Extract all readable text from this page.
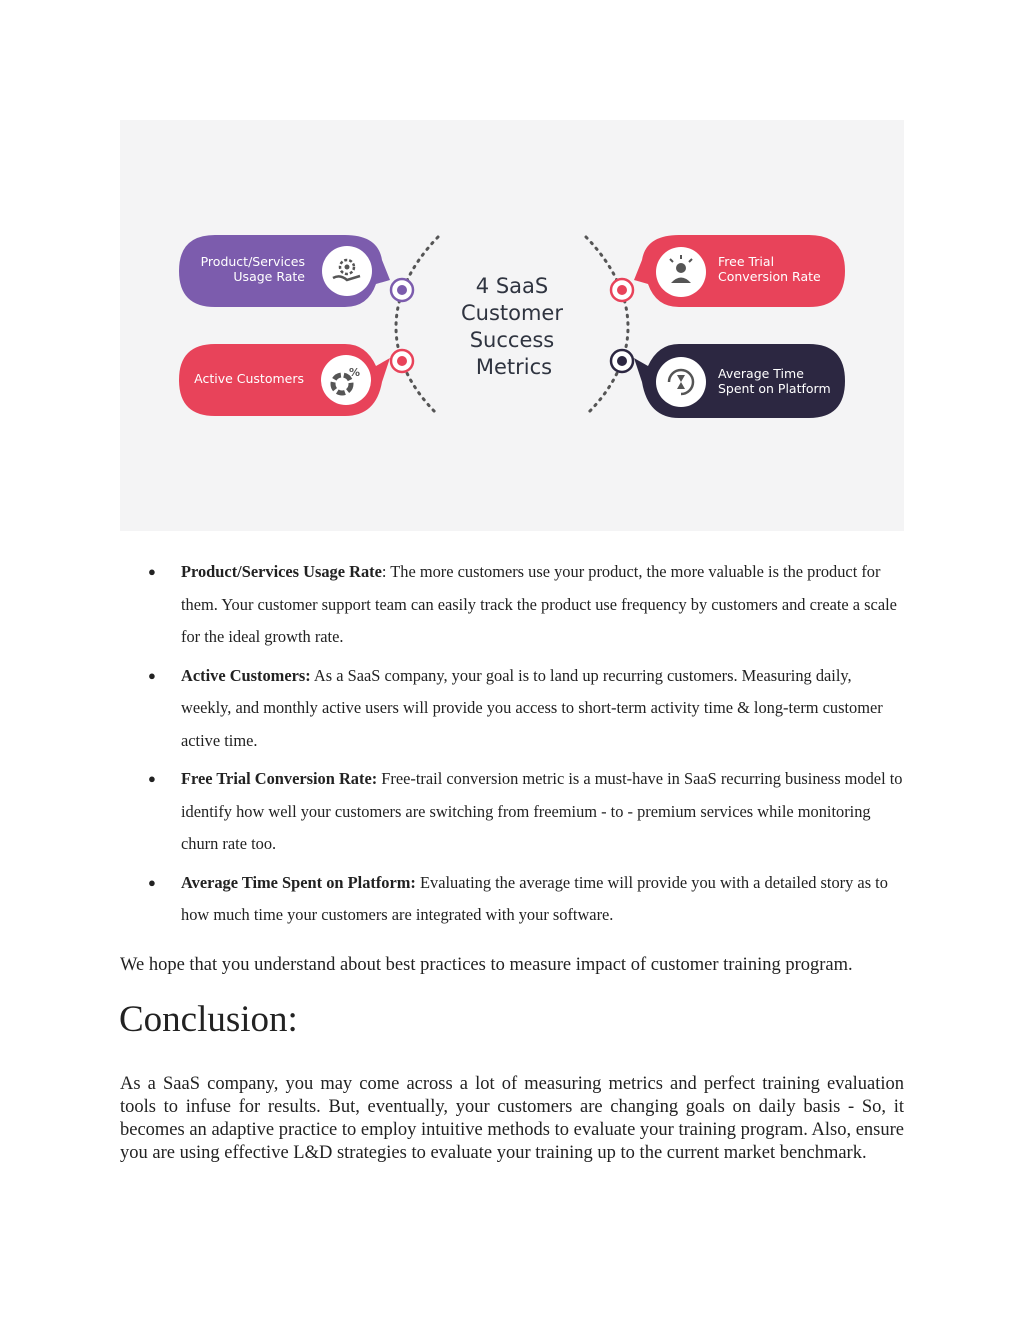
Product/Services
Usage Rate
Active Customers	%
4 SaaS
Customer
Success
Metrics
Free Trial
Conversion Rate
Average Time
Spent on Platform
● Product/Services Usage Rate: The more customers use your product, the more valuable is the product for them. Your customer support team can easily track the product use frequency by customers and create a scale for the ideal growth rate.
● Active Customers: As a SaaS company, your goal is to land up recurring customers. Measuring daily, weekly, and monthly active users will provide you access to short-term activity time & long-term customer active time.
● Free Trial Conversion Rate: Free-trail conversion metric is a must-have in SaaS recurring business model to identify how well your customers are switching from freemium - to - premium services while monitoring churn rate too.
● Average Time Spent on Platform: Evaluating the average time will provide you with a detailed story as to how much time your customers are integrated with your software.

We hope that you understand about best practices to measure impact of customer training program.

Conclusion:

As a SaaS company, you may come across a lot of measuring metrics and perfect training evaluation tools to infuse for results. But, eventually, your customers are changing goals on daily basis - So, it becomes an adaptive practice to employ intuitive methods to evaluate your training program. Also, ensure you are using effective L&D strategies to evaluate your training up to the current market benchmark.
